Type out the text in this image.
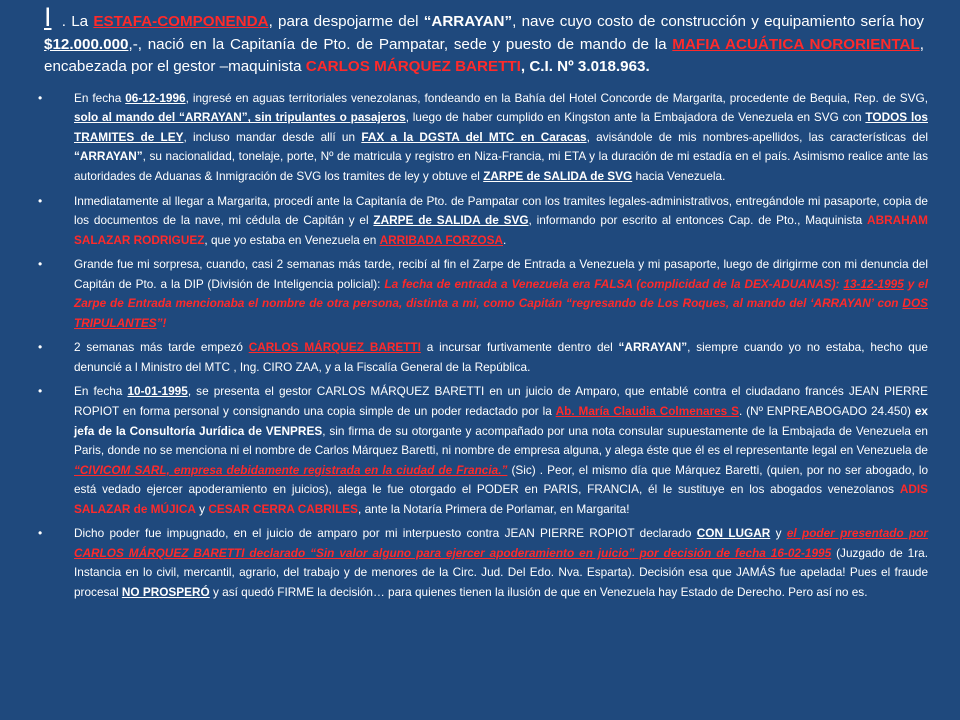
I . La ESTAFA-COMPONENDA, para despojarme del “ARRAYAN”, nave cuyo costo de construcción y equipamiento sería hoy $12.000.000,-, nació en la Capitanía de Pto. de Pampatar, sede y puesto de mando de la MAFIA ACUÁTICA NORORIENTAL, encabezada por el gestor –maquinista CARLOS MÁRQUEZ BARETTI, C.I. Nº 3.018.963.
• En fecha 06-12-1996, ingresé en aguas territoriales venezolanas, fondeando en la Bahía del Hotel Concorde de Margarita, procedente de Bequia, Rep. de SVG, solo al mando del “ARRAYAN”, sin tripulantes o pasajeros, luego de haber cumplido en Kingston ante la Embajadora de Venezuela en SVG con TODOS los TRAMITES de LEY, incluso mandar desde allí un FAX a la DGSTA del MTC en Caracas, avisándole de mis nombres-apellidos, las características del “ARRAYAN”, su nacionalidad, tonelaje, porte, Nº de matricula y registro en Niza-Francia, mi ETA y la duración de mi estadía en el país. Asimismo realice ante las autoridades de Aduanas & Inmigración de SVG los tramites de ley y obtuve el ZARPE de SALIDA de SVG hacia Venezuela.
• Inmediatamente al llegar a Margarita, procedí ante la Capitanía de Pto. de Pampatar con los tramites legales-administrativos, entregándole mi pasaporte, copia de los documentos de la nave, mi cédula de Capitán y el ZARPE de SALIDA de SVG, informando por escrito al entonces Cap. de Pto., Maquinista ABRAHAM SALAZAR RODRIGUEZ, que yo estaba en Venezuela en ARRIBADA FORZOSA.
• Grande fue mi sorpresa, cuando, casi 2 semanas más tarde, recibí al fin el Zarpe de Entrada a Venezuela y mi pasaporte, luego de dirigirme con mi denuncia del Capitán de Pto. a la DIP (División de Inteligencia policial): La fecha de entrada a Venezuela era FALSA (complicidad de la DEX-ADUANAS): 13-12-1995 y el Zarpe de Entrada mencionaba el nombre de otra persona, distinta a mi, como Capitán “regresando de Los Roques, al mando del ‘ARRAYAN’ con DOS TRIPULANTES”!
• 2 semanas más tarde empezó CARLOS MÁRQUEZ BARETTI a incursar furtivamente dentro del “ARRAYAN”, siempre cuando yo no estaba, hecho que denuncié a l Ministro del MTC , Ing. CIRO ZAA, y a la Fiscalía General de la República.
• En fecha 10-01-1995, se presenta el gestor CARLOS MÁRQUEZ BARETTI en un juicio de Amparo, que entablé contra el ciudadano francés JEAN PIERRE ROPIOT en forma personal y consignando una copia simple de un poder redactado por la Ab. María Claudia Colmenares S. (Nº ENPREABOGADO 24.450) ex jefa de la Consultoría Jurídica de VENPRES, sin firma de su otorgante y acompañado por una nota consular supuestamente de la Embajada de Venezuela en Paris, donde no se menciona ni el nombre de Carlos Márquez Baretti, ni nombre de empresa alguna, y alega éste que él es el representante legal en Venezuela de “CIVICOM SARL, empresa debidamente registrada en la ciudad de Francia.” (Sic) . Peor, el mismo día que Márquez Baretti, (quien, por no ser abogado, lo está vedado ejercer apoderamiento en juicios), alega le fue otorgado el PODER en PARIS, FRANCIA, él le sustituye en los abogados venezolanos ADIS SALAZAR de MÚJICA y CESAR CERRA CABRILES, ante la Notaría Primera de Porlamar, en Margarita!
• Dicho poder fue impugnado, en el juicio de amparo por mi interpuesto contra JEAN PIERRE ROPIOT declarado CON LUGAR y el poder presentado por CARLOS MÁRQUEZ BARETTI declarado “Sin valor alguno para ejercer apoderamiento en juicio” por decisión de fecha 16-02-1995 (Juzgado de 1ra. Instancia en lo civil, mercantil, agrario, del trabajo y de menores de la Circ. Jud. Del Edo. Nva. Esparta). Decisión esa que JAMÁS fue apelada! Pues el fraude procesal NO PROSPERÓ y así quedó FIRME la decisión… para quienes tienen la ilusión de que en Venezuela hay Estado de Derecho. Pero así no es.
